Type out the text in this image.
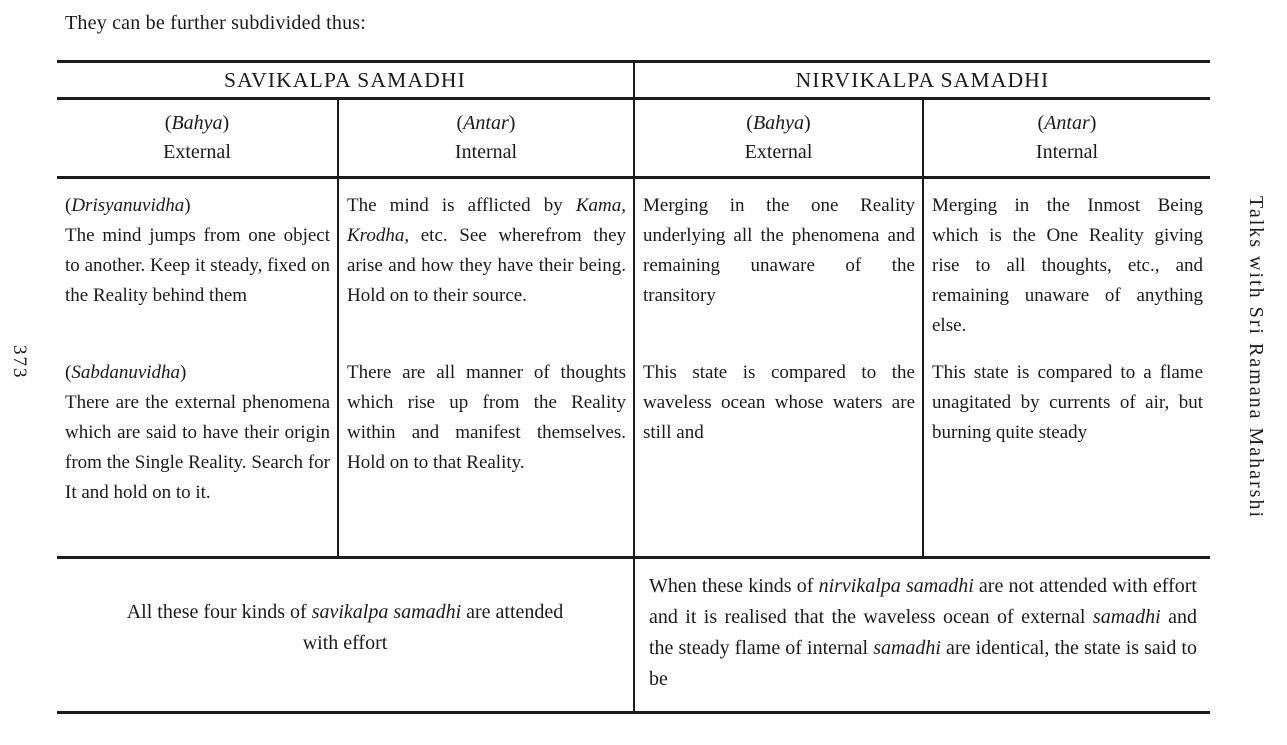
They can be further subdivided thus:
373	Talks with Sri Ramana Maharshi
SAVIKALPA SAMADHI	NIRVIKALPA SAMADHI
(Bahya)
External
(Antar)
Internal
(Bahya)
External
(Antar)
Internal
(Drisyanuvidha)
The mind jumps from one object to another. Keep it steady, fixed on the Reality behind them
(Sabdanuvidha)
There are the external phenomena which are said to have their origin from the Single Reality. Search for It and hold on to it.
The mind is afflicted by Kama, Krodha, etc. See wherefrom they arise and how they have their being. Hold on to their source.
There are all manner of thoughts which rise up from the Reality within and manifest themselves. Hold on to that Reality.
Merging in the one Reality underlying all the phenomena and remaining unaware of the transitory
This state is compared to the waveless ocean whose waters are still and
Merging in the Inmost Being which is the One Reality giving rise to all thoughts, etc., and remaining unaware of anything else.
This state is compared to a flame unagitated by currents of air, but burning quite steady
All these four kinds of savikalpa samadhi are attended with effort
When these kinds of nirvikalpa samadhi are not attended with effort and it is realised that the waveless ocean of external samadhi and the steady flame of internal samadhi are identical, the state is said to be
